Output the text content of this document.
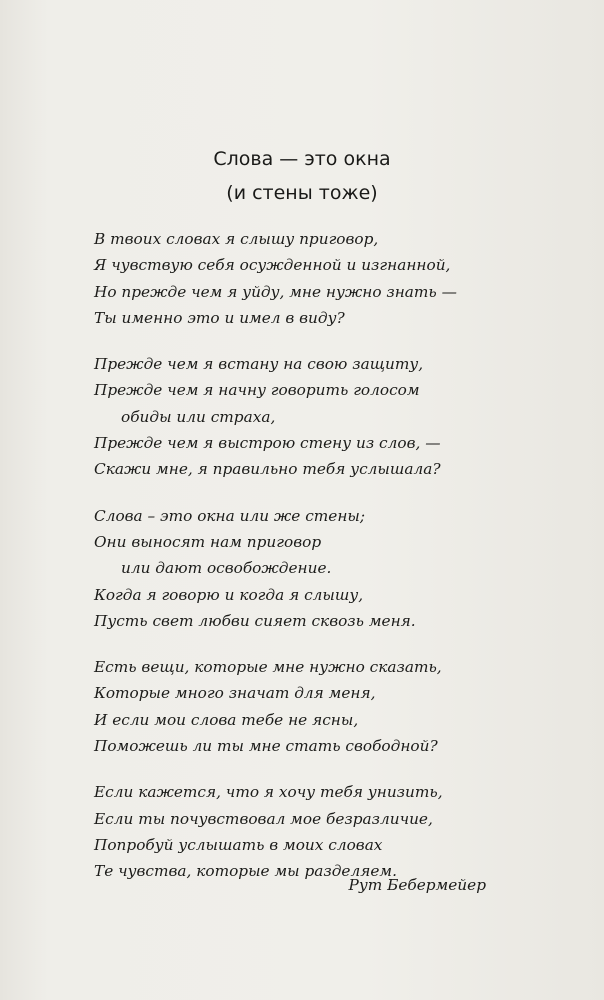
Слова — это окна
(и стены тоже)
В твоих словах я слышу приговор,
Я чувствую себя осужденной и изгнанной,
Но прежде чем я уйду, мне нужно знать —
Ты именно это и имел в виду?
Прежде чем я встану на свою защиту,
Прежде чем я начну говорить голосом
обиды или страха,
Прежде чем я выстрою стену из слов, —
Скажи мне, я правильно тебя услышала?
Слова – это окна или же стены;
Они выносят нам приговор
или дают освобождение.
Когда я говорю и когда я слышу,
Пусть свет любви сияет сквозь меня.
Есть вещи, которые мне нужно сказать,
Которые много значат для меня,
И если мои слова тебе не ясны,
Поможешь ли ты мне стать свободной?
Если кажется, что я хочу тебя унизить,
Если ты почувствовал мое безразличие,
Попробуй услышать в моих словах
Те чувства, которые мы разделяем.
Рут Бебермейер
